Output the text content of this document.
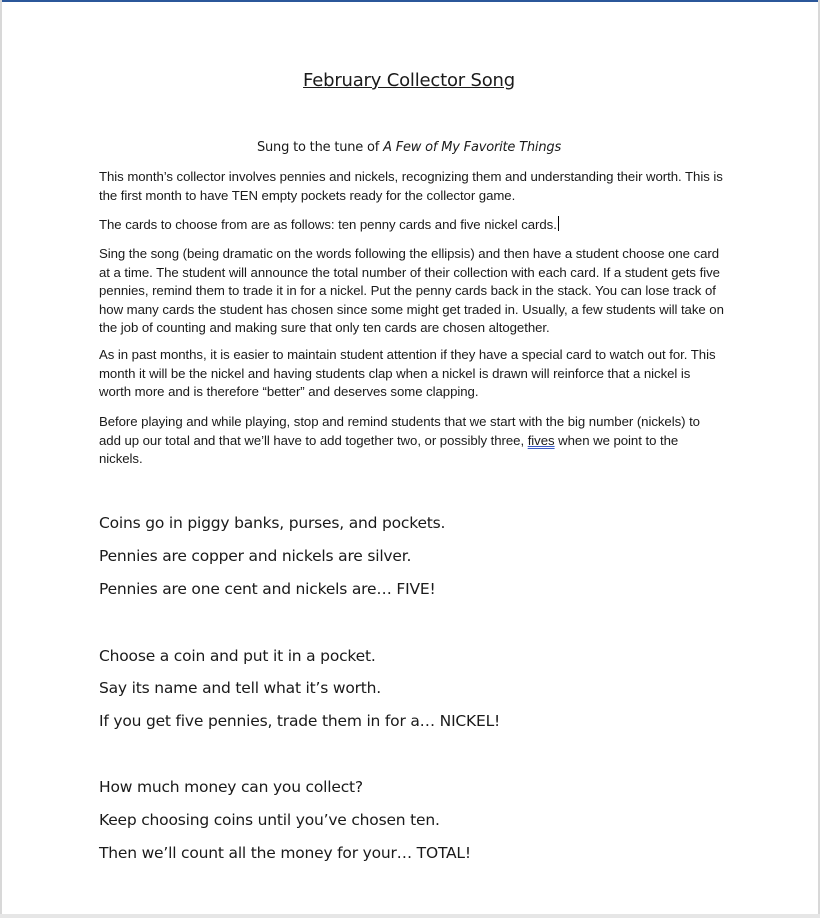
February Collector Song
Sung to the tune of A Few of My Favorite Things
This month’s collector involves pennies and nickels, recognizing them and understanding their worth. This is the first month to have TEN empty pockets ready for the collector game.
The cards to choose from are as follows: ten penny cards and five nickel cards.
Sing the song (being dramatic on the words following the ellipsis) and then have a student choose one card at a time. The student will announce the total number of their collection with each card. If a student gets five pennies, remind them to trade it in for a nickel. Put the penny cards back in the stack. You can lose track of how many cards the student has chosen since some might get traded in. Usually, a few students will take on the job of counting and making sure that only ten cards are chosen altogether.
As in past months, it is easier to maintain student attention if they have a special card to watch out for. This month it will be the nickel and having students clap when a nickel is drawn will reinforce that a nickel is worth more and is therefore “better” and deserves some clapping.
Before playing and while playing, stop and remind students that we start with the big number (nickels) to add up our total and that we’ll have to add together two, or possibly three, fives when we point to the nickels.
Coins go in piggy banks, purses, and pockets.
Pennies are copper and nickels are silver.
Pennies are one cent and nickels are… FIVE!
Choose a coin and put it in a pocket.
Say its name and tell what it’s worth.
If you get five pennies, trade them in for a… NICKEL!
How much money can you collect?
Keep choosing coins until you’ve chosen ten.
Then we’ll count all the money for your… TOTAL!
